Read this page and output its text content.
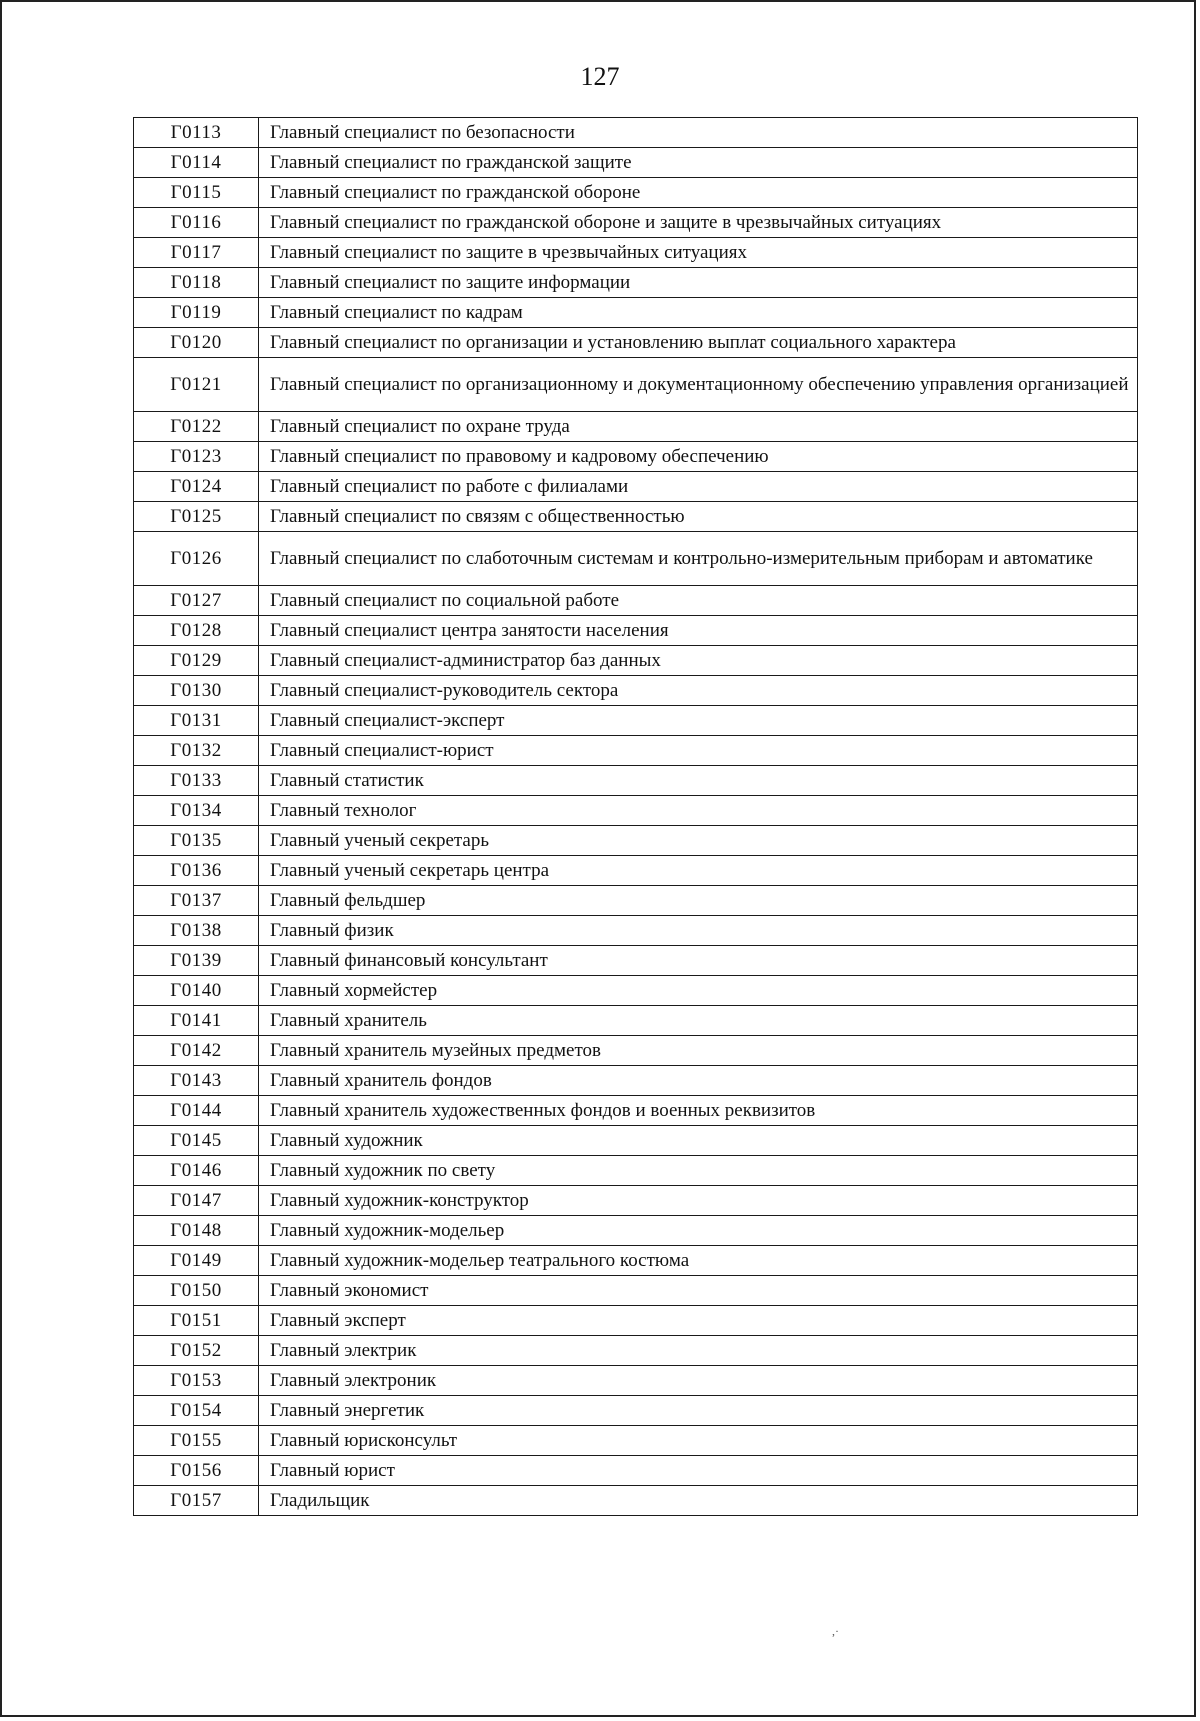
127
Г0113	Главный специалист по безопасности
Г0114	Главный специалист по гражданской защите
Г0115	Главный специалист по гражданской обороне
Г0116	Главный специалист по гражданской обороне и защите в чрезвычайных ситуациях
Г0117	Главный специалист по защите в чрезвычайных ситуациях
Г0118	Главный специалист по защите информации
Г0119	Главный специалист по кадрам
Г0120	Главный специалист по организации и установлению выплат социального характера
Г0121	Главный специалист по организационному и документационному обеспечению управления организацией
Г0122	Главный специалист по охране труда
Г0123	Главный специалист по правовому и кадровому обеспечению
Г0124	Главный специалист по работе с филиалами
Г0125	Главный специалист по связям с общественностью
Г0126	Главный специалист по слаботочным системам и контрольно-измерительным приборам и автоматике
Г0127	Главный специалист по социальной работе
Г0128	Главный специалист центра занятости населения
Г0129	Главный специалист-администратор баз данных
Г0130	Главный специалист-руководитель сектора
Г0131	Главный специалист-эксперт
Г0132	Главный специалист-юрист
Г0133	Главный статистик
Г0134	Главный технолог
Г0135	Главный ученый секретарь
Г0136	Главный ученый секретарь центра
Г0137	Главный фельдшер
Г0138	Главный физик
Г0139	Главный финансовый консультант
Г0140	Главный хормейстер
Г0141	Главный хранитель
Г0142	Главный хранитель музейных предметов
Г0143	Главный хранитель фондов
Г0144	Главный хранитель художественных фондов и военных реквизитов
Г0145	Главный художник
Г0146	Главный художник по свету
Г0147	Главный художник-конструктор
Г0148	Главный художник-модельер
Г0149	Главный художник-модельер театрального костюма
Г0150	Главный экономист
Г0151	Главный эксперт
Г0152	Главный электрик
Г0153	Главный электроник
Г0154	Главный энергетик
Г0155	Главный юрисконсульт
Г0156	Главный юрист
Г0157	Гладильщик
,·
